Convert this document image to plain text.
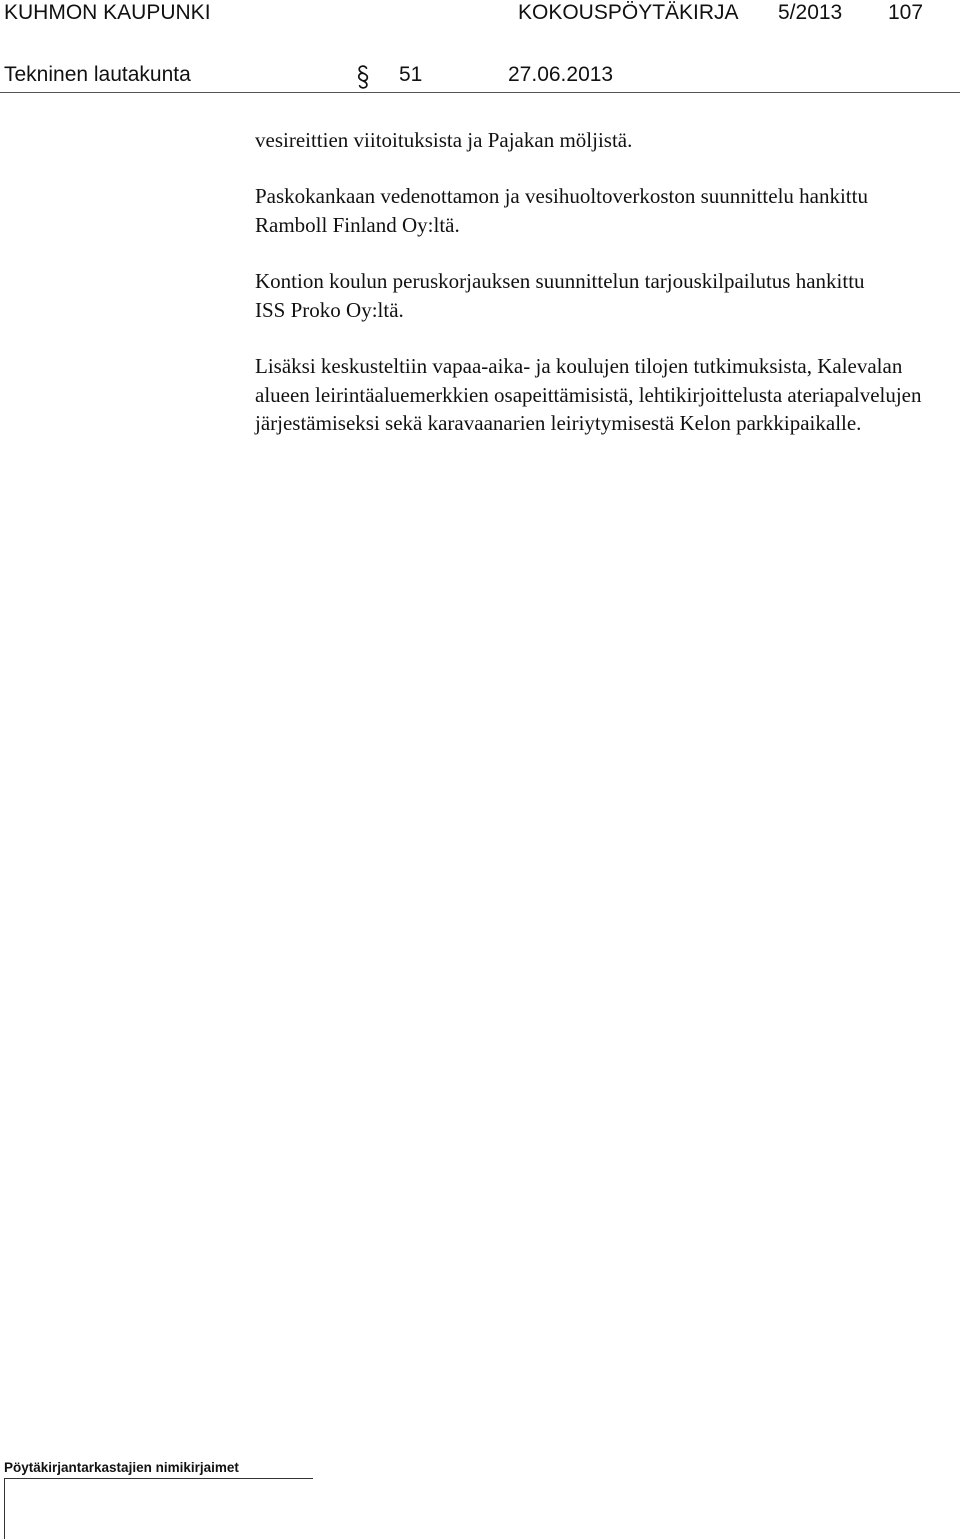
KUHMON KAUPUNKI	KOKOUSPÖYTÄKIRJA 5/2013 107
Tekninen lautakunta	51	27.06.2013

vesireittien viitoituksista ja Pajakan möljistä.

Paskokankaan vedenottamon ja vesihuoltoverkoston suunnittelu hankittu Ramboll Finland Oy:ltä.

Kontion koulun peruskorjauksen suunnittelun tarjouskilpailutus hankittu ISS Proko Oy:ltä.

Lisäksi keskusteltiin vapaa-aika- ja koulujen tilojen tutkimuksista, Kalevalan alueen leirintäaluemerkkien osapeittämisistä, lehtikirjoittelusta ateriapalvelujen järjestämiseksi sekä karavaanarien leiriytymisestä Kelon parkkipaikalle.

Pöytäkirjantarkastajien nimikirjaimet
